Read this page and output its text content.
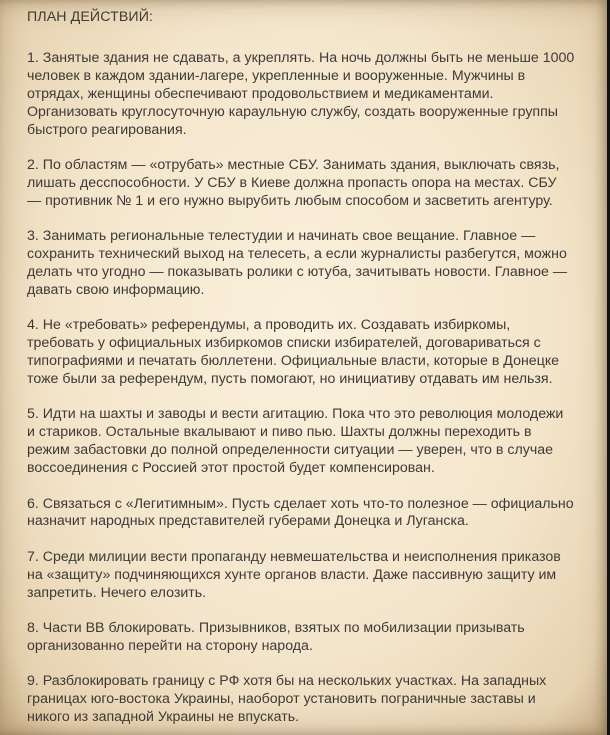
ПЛАН ДЕЙСТВИЙ:
1. Занятые здания не сдавать, а укреплять. На ночь должны быть не меньше 1000
человек в каждом здании-лагере, укрепленные и вооруженные. Мужчины в
отрядах, женщины обеспечивают продовольствием и медикаментами.
Организовать круглосуточную караульную службу, создать вооруженные группы
быстрого реагирования.
2. По областям — «отрубать» местные СБУ. Занимать здания, выключать связь,
лишать десспособности. У СБУ в Киеве должна пропасть опора на местах. СБУ
— противник № 1 и его нужно вырубить любым способом и засветить агентуру.
3. Занимать региональные телестудии и начинать свое вещание. Главное —
сохранить технический выход на телесеть, а если журналисты разбегутся, можно
делать что угодно — показывать ролики с ютуба, зачитывать новости. Главное —
давать свою информацию.
4. Не «требовать» референдумы, а проводить их. Создавать избиркомы,
требовать у официальных избиркомов списки избирателей, договариваться с
типографиями и печатать бюллетени. Официальные власти, которые в Донецке
тоже были за референдум, пусть помогают, но инициативу отдавать им нельзя.
5. Идти на шахты и заводы и вести агитацию. Пока что это революция молодежи
и стариков. Остальные вкалывают и пиво пью. Шахты должны переходить в
режим забастовки до полной определенности ситуации — уверен, что в случае
воссоединения с Россией этот простой будет компенсирован.
6. Связаться с «Легитимным». Пусть сделает хоть что-то полезное — официально
назначит народных представителей губерами Донецка и Луганска.
7. Среди милиции вести пропаганду невмешательства и неисполнения приказов
на «защиту» подчиняющихся хунте органов власти. Даже пассивную защиту им
запретить. Нечего елозить.
8. Части ВВ блокировать. Призывников, взятых по мобилизации призывать
организованно перейти на сторону народа.
9. Разблокировать границу с РФ хотя бы на нескольких участках. На западных
границах юго-востока Украины, наоборот установить пограничные заставы и
никого из западной Украины не впускать.
